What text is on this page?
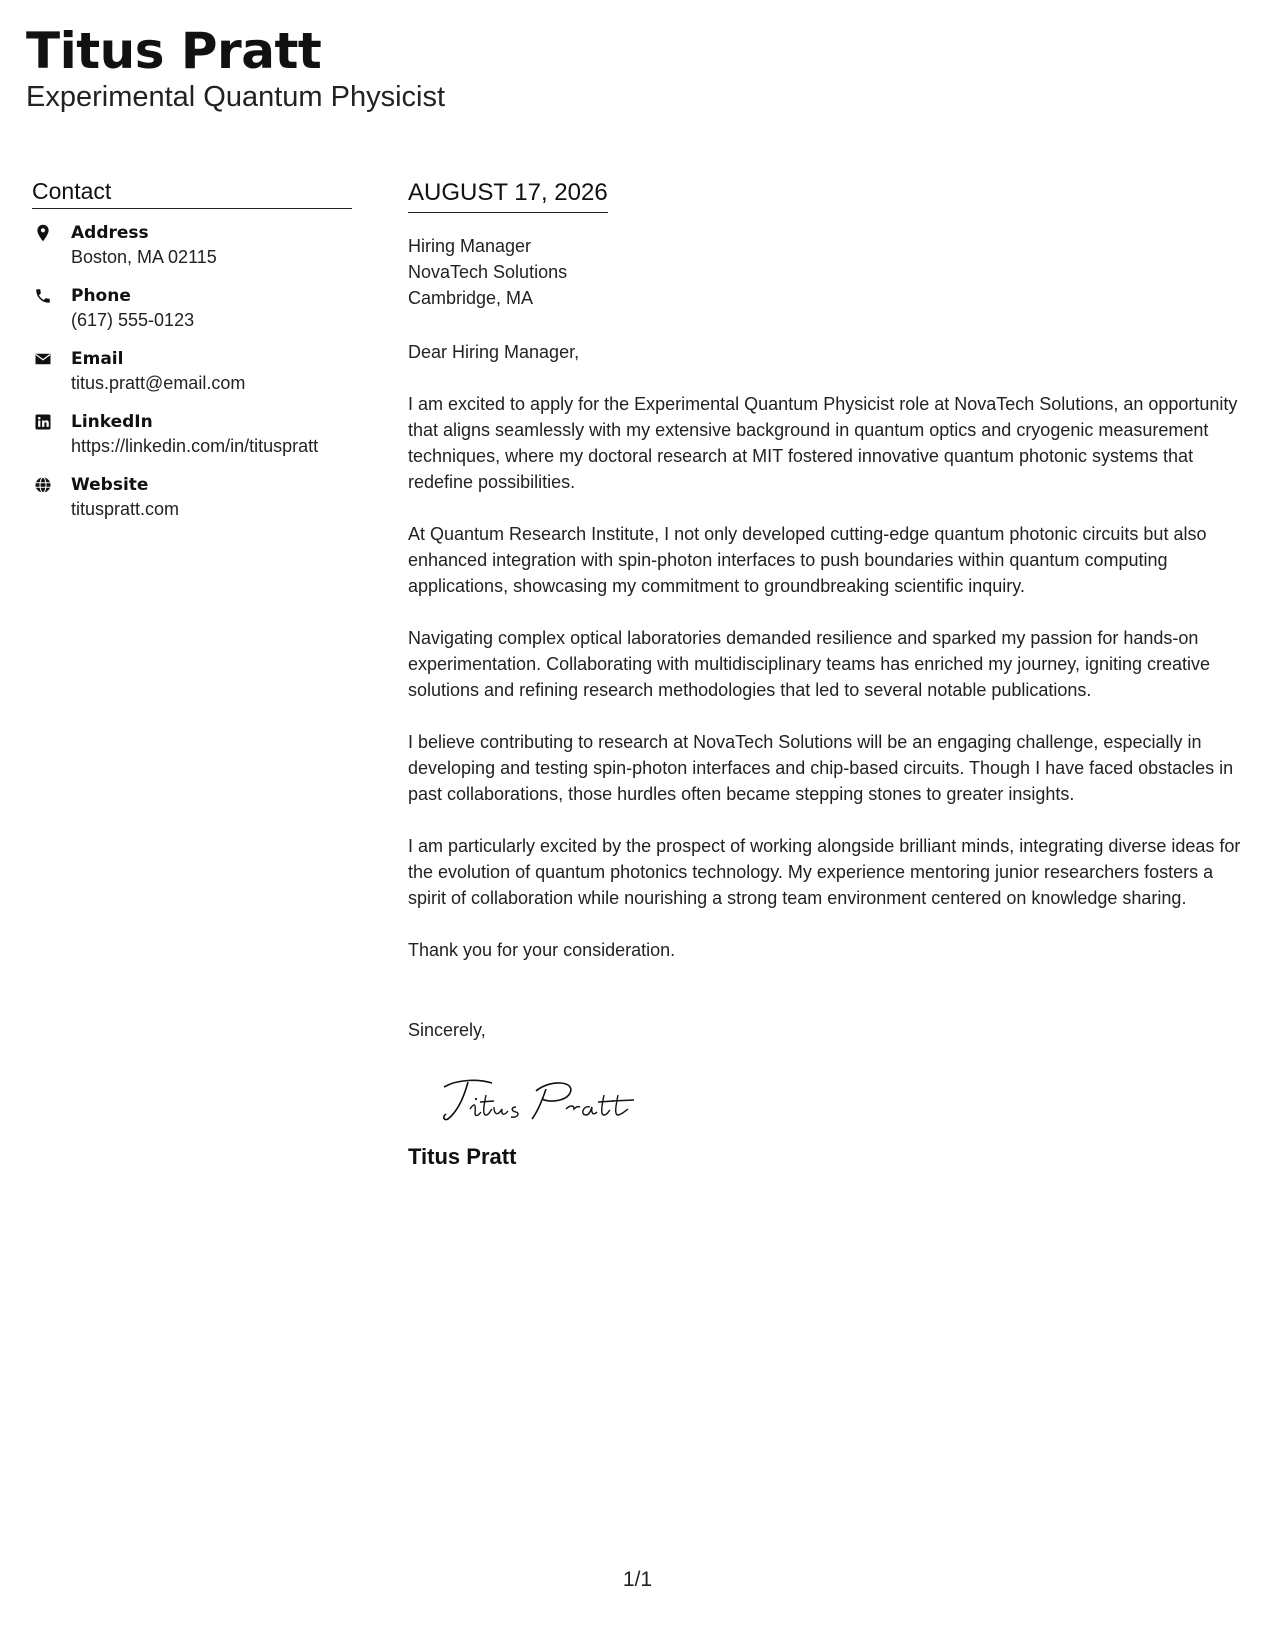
Titus Pratt
Experimental Quantum Physicist
Contact
Address
Boston, MA 02115
Phone
(617) 555-0123
Email
titus.pratt@email.com
LinkedIn
https://linkedin.com/in/tituspratt
Website
tituspratt.com
AUGUST 17, 2026
Hiring Manager
NovaTech Solutions
Cambridge, MA
Dear Hiring Manager,
I am excited to apply for the Experimental Quantum Physicist role at NovaTech Solutions, an opportunity that aligns seamlessly with my extensive background in quantum optics and cryogenic measurement techniques, where my doctoral research at MIT fostered innovative quantum photonic systems that redefine possibilities.
At Quantum Research Institute, I not only developed cutting-edge quantum photonic circuits but also enhanced integration with spin-photon interfaces to push boundaries within quantum computing applications, showcasing my commitment to groundbreaking scientific inquiry.
Navigating complex optical laboratories demanded resilience and sparked my passion for hands-on experimentation. Collaborating with multidisciplinary teams has enriched my journey, igniting creative solutions and refining research methodologies that led to several notable publications.
I believe contributing to research at NovaTech Solutions will be an engaging challenge, especially in developing and testing spin-photon interfaces and chip-based circuits. Though I have faced obstacles in past collaborations, those hurdles often became stepping stones to greater insights.
I am particularly excited by the prospect of working alongside brilliant minds, integrating diverse ideas for the evolution of quantum photonics technology. My experience mentoring junior researchers fosters a spirit of collaboration while nourishing a strong team environment centered on knowledge sharing.
Thank you for your consideration.
Sincerely,
Titus Pratt
1/1
